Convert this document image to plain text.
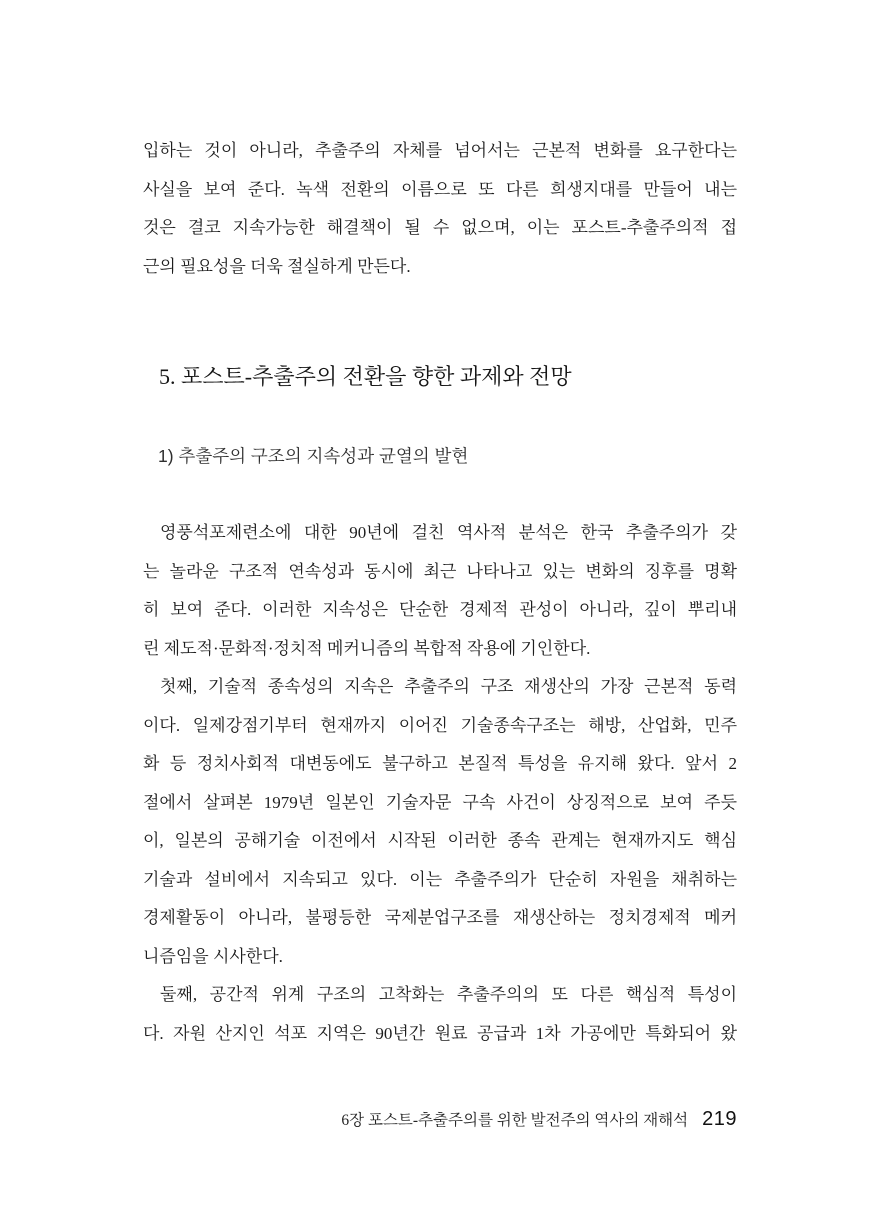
입하는 것이 아니라, 추출주의 자체를 넘어서는 근본적 변화를 요구한다는
사실을 보여 준다. 녹색 전환의 이름으로 또 다른 희생지대를 만들어 내는
것은 결코 지속가능한 해결책이 될 수 없으며, 이는 포스트-추출주의적 접
근의 필요성을 더욱 절실하게 만든다.
5. 포스트-추출주의 전환을 향한 과제와 전망
1) 추출주의 구조의 지속성과 균열의 발현
영풍석포제련소에 대한 90년에 걸친 역사적 분석은 한국 추출주의가 갖
는 놀라운 구조적 연속성과 동시에 최근 나타나고 있는 변화의 징후를 명확
히 보여 준다. 이러한 지속성은 단순한 경제적 관성이 아니라, 깊이 뿌리내
린 제도적·문화적·정치적 메커니즘의 복합적 작용에 기인한다.
첫째, 기술적 종속성의 지속은 추출주의 구조 재생산의 가장 근본적 동력
이다. 일제강점기부터 현재까지 이어진 기술종속구조는 해방, 산업화, 민주
화 등 정치사회적 대변동에도 불구하고 본질적 특성을 유지해 왔다. 앞서 2
절에서 살펴본 1979년 일본인 기술자문 구속 사건이 상징적으로 보여 주듯
이, 일본의 공해기술 이전에서 시작된 이러한 종속 관계는 현재까지도 핵심
기술과 설비에서 지속되고 있다. 이는 추출주의가 단순히 자원을 채취하는
경제활동이 아니라, 불평등한 국제분업구조를 재생산하는 정치경제적 메커
니즘임을 시사한다.
둘째, 공간적 위계 구조의 고착화는 추출주의의 또 다른 핵심적 특성이
다. 자원 산지인 석포 지역은 90년간 원료 공급과 1차 가공에만 특화되어 왔
6장 포스트-추출주의를 위한 발전주의 역사의 재해석 219
